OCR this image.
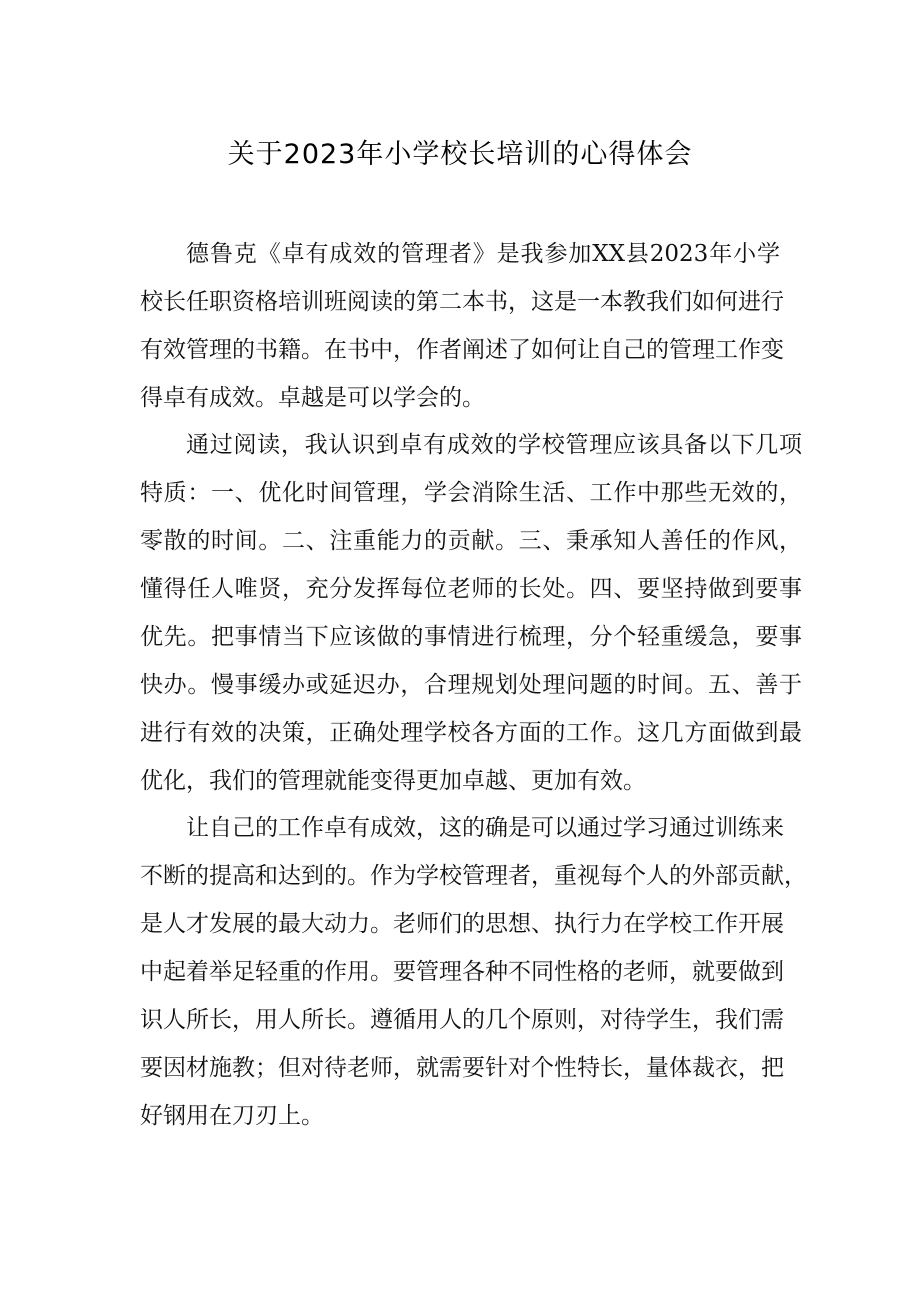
关于2023年小学校长培训的心得体会
德鲁克《卓有成效的管理者》是我参加XX县2023年小学
校长任职资格培训班阅读的第二本书，这是一本教我们如何进行
有效管理的书籍。在书中，作者阐述了如何让自己的管理工作变
得卓有成效。卓越是可以学会的。
通过阅读，我认识到卓有成效的学校管理应该具备以下几项
特质：一、优化时间管理，学会消除生活、工作中那些无效的，
零散的时间。二、注重能力的贡献。三、秉承知人善任的作风，
懂得任人唯贤，充分发挥每位老师的长处。四、要坚持做到要事
优先。把事情当下应该做的事情进行梳理，分个轻重缓急，要事
快办。慢事缓办或延迟办，合理规划处理问题的时间。五、善于
进行有效的决策，正确处理学校各方面的工作。这几方面做到最
优化，我们的管理就能变得更加卓越、更加有效。
让自己的工作卓有成效，这的确是可以通过学习通过训练来
不断的提高和达到的。作为学校管理者，重视每个人的外部贡献，
是人才发展的最大动力。老师们的思想、执行力在学校工作开展
中起着举足轻重的作用。要管理各种不同性格的老师，就要做到
识人所长，用人所长。遵循用人的几个原则，对待学生，我们需
要因材施教；但对待老师，就需要针对个性特长，量体裁衣，把
好钢用在刀刃上。
